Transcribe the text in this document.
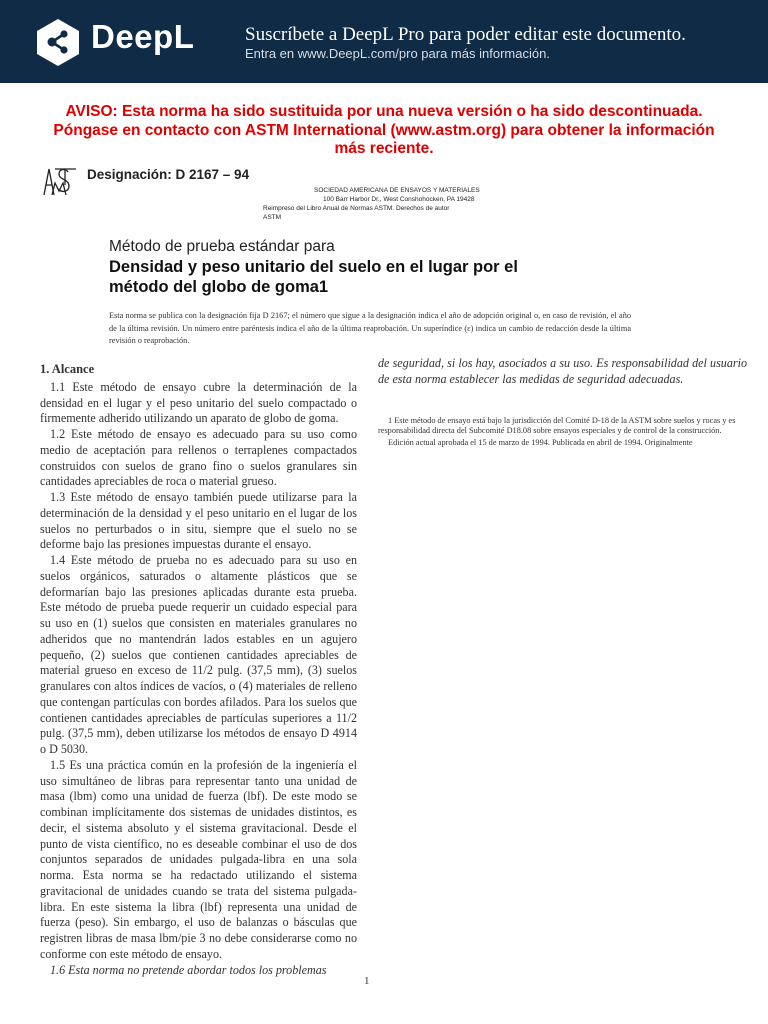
DeepL	Suscríbete a DeepL Pro para poder editar este documento.
Entra en www.DeepL.com/pro para más información.
AVISO: Esta norma ha sido sustituida por una nueva versión o ha sido descontinuada.
Póngase en contacto con ASTM International (www.astm.org) para obtener la información más reciente.
Designación: D 2167 – 94
SOCIEDAD AMERICANA DE ENSAYOS Y MATERIALES
100 Barr Harbor Dr., West Conshohocken, PA 19428
Reimpreso del Libro Anual de Normas ASTM. Derechos de autor
ASTM
Método de prueba estándar para
Densidad y peso unitario del suelo en el lugar por el método del globo de goma1
Esta norma se publica con la designación fija D 2167; el número que sigue a la designación indica el año de adopción original o, en caso de revisión, el año de la última revisión. Un número entre paréntesis indica el año de la última reaprobación. Un superíndice (ε) indica un cambio de redacción desde la última revisión o reaprobación.
1. Alcance

1.1 Este método de ensayo cubre la determinación de la densidad en el lugar y el peso unitario del suelo compactado o firmemente adherido utilizando un aparato de globo de goma.

1.2 Este método de ensayo es adecuado para su uso como medio de aceptación para rellenos o terraplenes compactados construidos con suelos de grano fino o suelos granulares sin cantidades apreciables de roca o material grueso.

1.3 Este método de ensayo también puede utilizarse para la determinación de la densidad y el peso unitario en el lugar de los suelos no perturbados o in situ, siempre que el suelo no se deforme bajo las presiones impuestas durante el ensayo.

1.4 Este método de prueba no es adecuado para su uso en suelos orgánicos, saturados o altamente plásticos que se deformarían bajo las presiones aplicadas durante esta prueba. Este método de prueba puede requerir un cuidado especial para su uso en (1) suelos que consisten en materiales granulares no adheridos que no mantendrán lados estables en un agujero pequeño, (2) suelos que contienen cantidades apreciables de material grueso en exceso de 11/2 pulg. (37,5 mm), (3) suelos granulares con altos índices de vacíos, o (4) materiales de relleno que contengan partículas con bordes afilados. Para los suelos que contienen cantidades apreciables de partículas superiores a 11/2 pulg. (37,5 mm), deben utilizarse los métodos de ensayo D 4914 o D 5030.

1.5 Es una práctica común en la profesión de la ingeniería el uso simultáneo de libras para representar tanto una unidad de masa (lbm) como una unidad de fuerza (lbf). De este modo se combinan implícitamente dos sistemas de unidades distintos, es decir, el sistema absoluto y el sistema gravitacional. Desde el punto de vista científico, no es deseable combinar el uso de dos conjuntos separados de unidades pulgada-libra en una sola norma. Esta norma se ha redactado utilizando el sistema gravitacional de unidades cuando se trata del sistema pulgada-libra. En este sistema la libra (lbf) representa una unidad de fuerza (peso). Sin embargo, el uso de balanzas o básculas que registren libras de masa lbm/pie 3 no debe considerarse como no conforme con este método de ensayo.

1.6 Esta norma no pretende abordar todos los problemas

de seguridad, si los hay, asociados a su uso. Es responsabilidad del usuario de esta norma establecer las medidas de seguridad adecuadas.

1 Este método de ensayo está bajo la jurisdicción del Comité D-18 de la ASTM sobre suelos y rocas y es responsabilidad directa del Subcomité D18.08 sobre ensayos especiales y de control de la construcción.

Edición actual aprobada el 15 de marzo de 1994. Publicada en abril de 1994. Originalmente

1
